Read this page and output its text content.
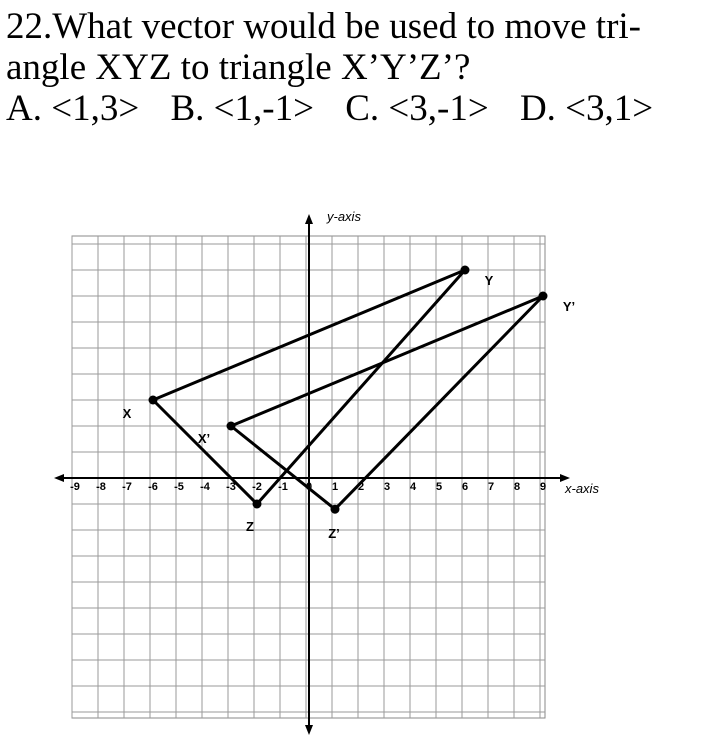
22.What vector would be used to move tri-
angle XYZ to triangle X’Y’Z’?
A. <1,3> B. <1,-1> C. <3,-1> D. <3,1>
x-axis
y-axis
-9 -8 -7 -6 -5 -4 -3 -2 -1 0 1 2 3 4 5 6 7 8 9
X
Y
Z
X’
Y’
Z’
